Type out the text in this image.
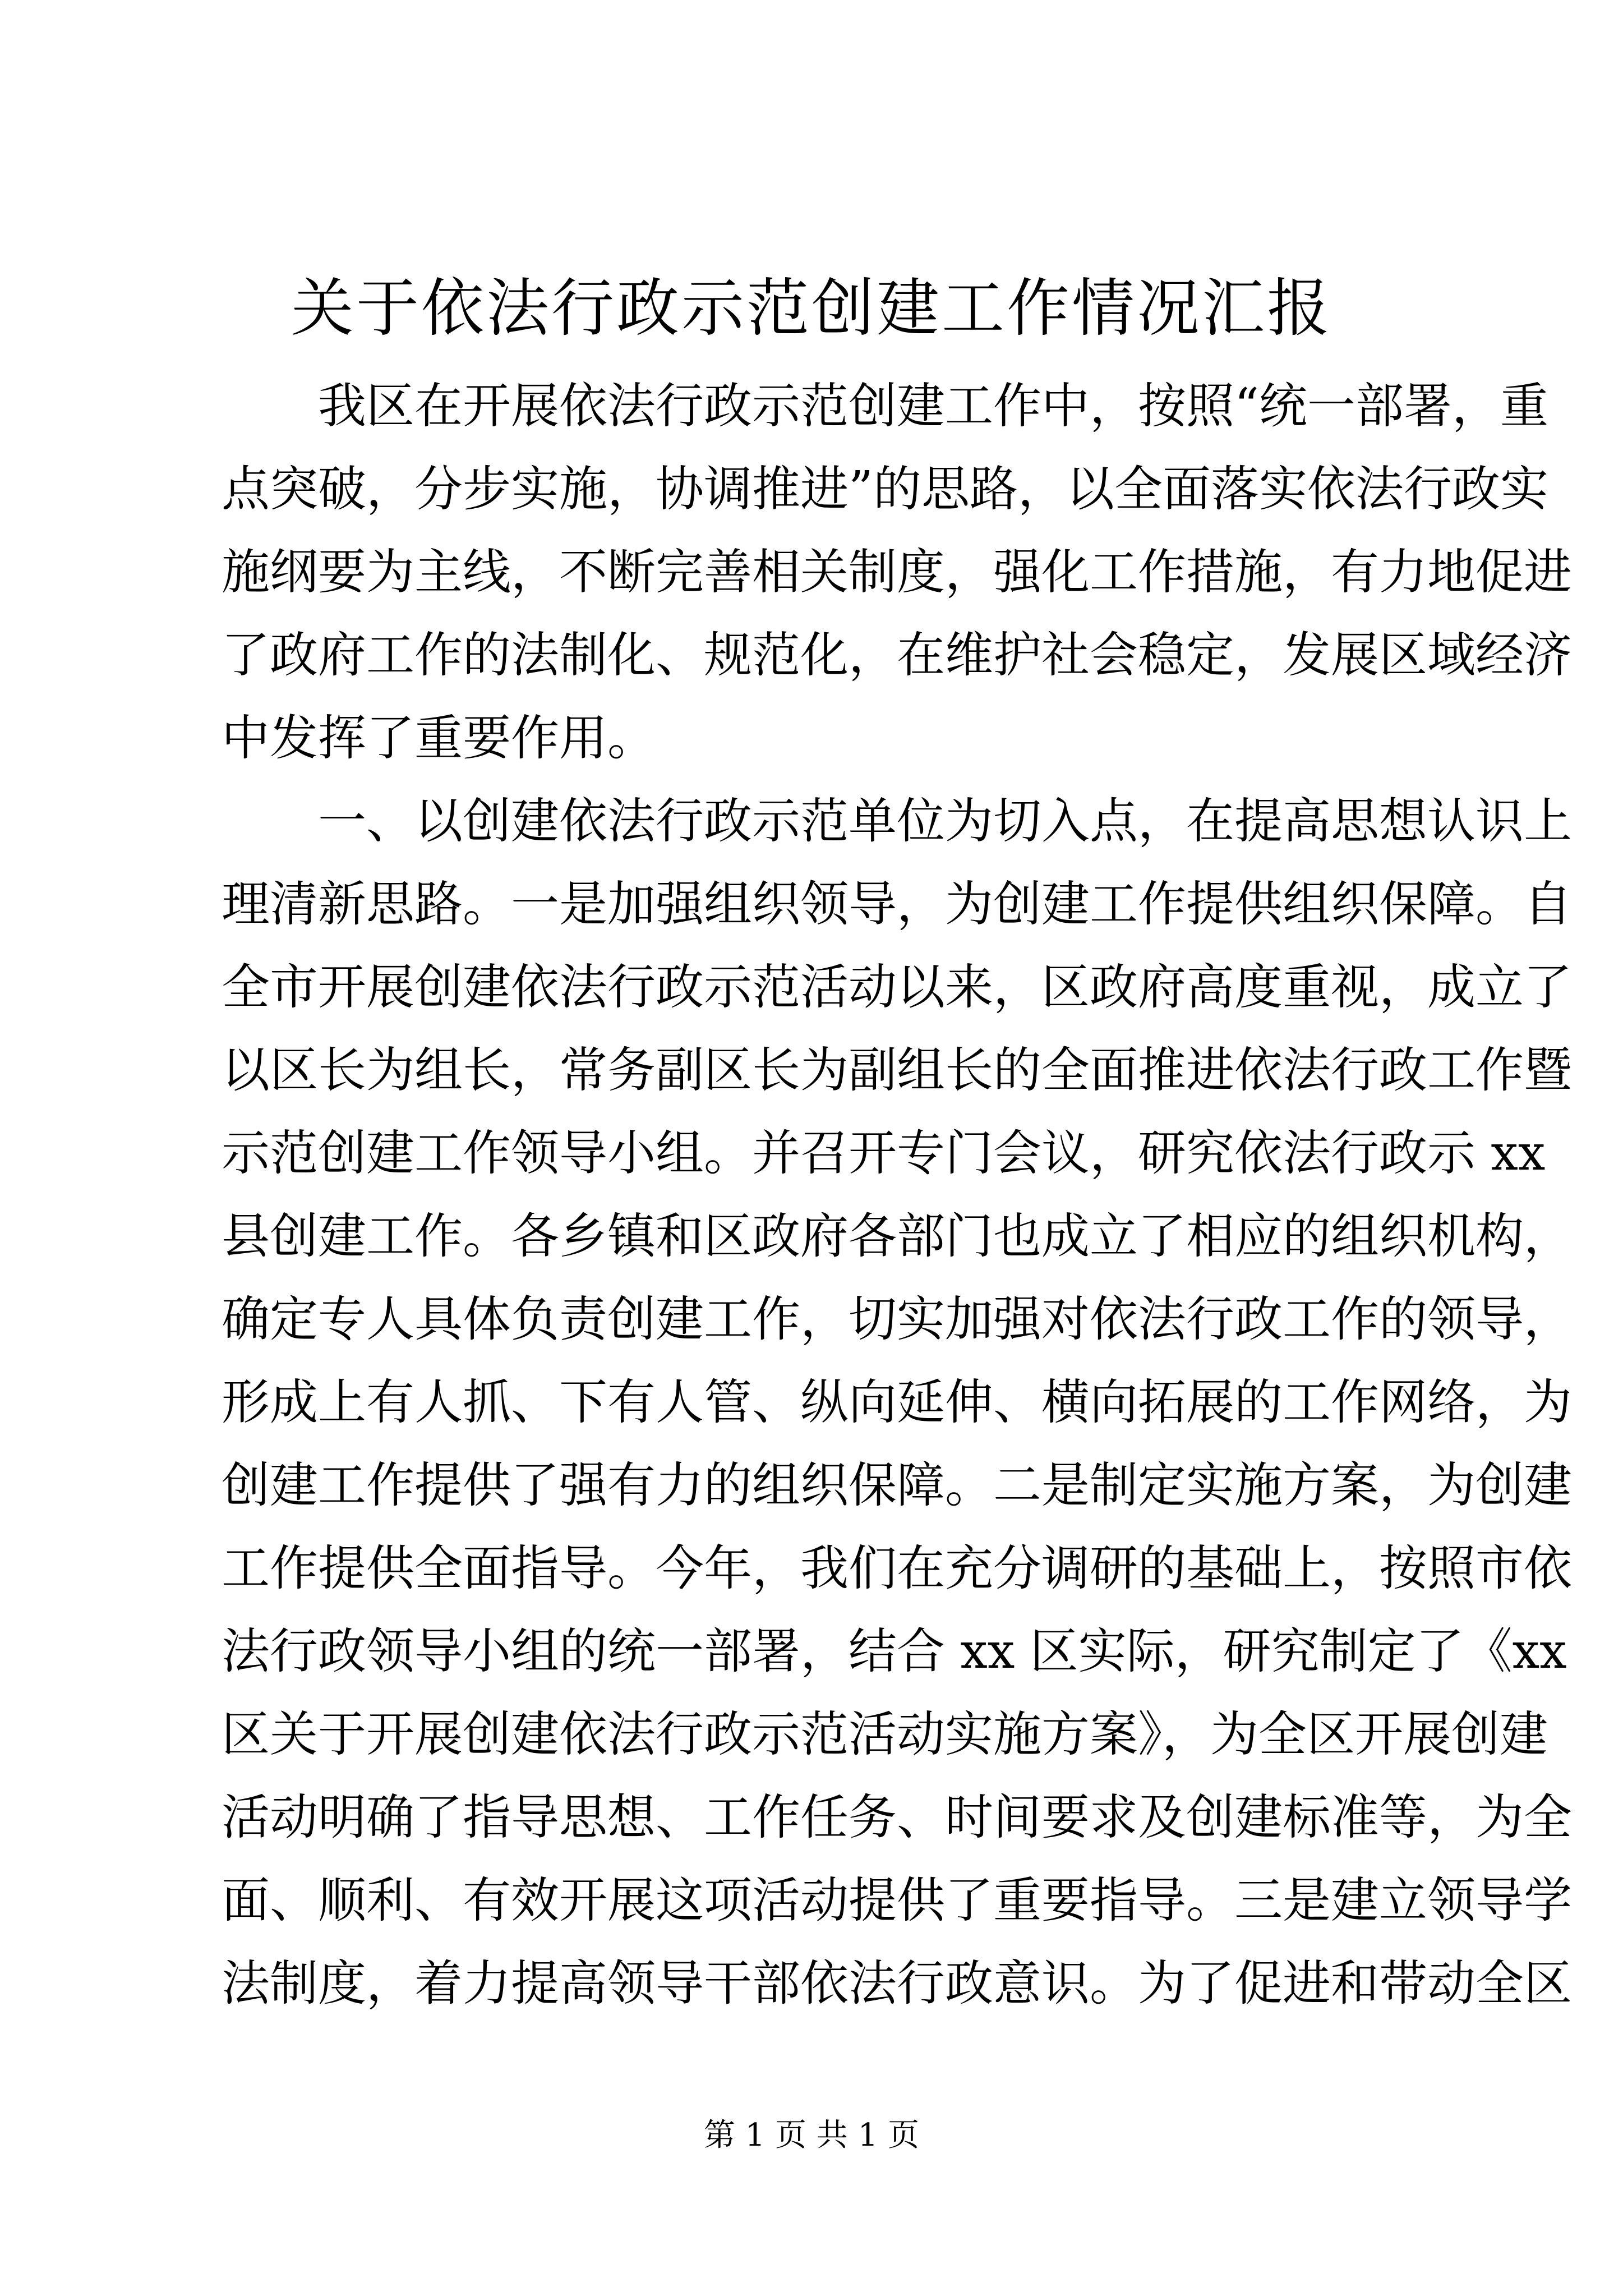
关于依法行政示范创建工作情况汇报
我区在开展依法行政示范创建工作中，按照“统一部署，重
点突破，分步实施，协调推进”的思路，以全面落实依法行政实
施纲要为主线，不断完善相关制度，强化工作措施，有力地促进
了政府工作的法制化、规范化，在维护社会稳定，发展区域经济
中发挥了重要作用。
一、以创建依法行政示范单位为切入点，在提高思想认识上
理清新思路。一是加强组织领导，为创建工作提供组织保障。自
全市开展创建依法行政示范活动以来，区政府高度重视，成立了
以区长为组长，常务副区长为副组长的全面推进依法行政工作暨
示范创建工作领导小组。并召开专门会议，研究依法行政示 xx
县创建工作。各乡镇和区政府各部门也成立了相应的组织机构，
确定专人具体负责创建工作，切实加强对依法行政工作的领导，
形成上有人抓、下有人管、纵向延伸、横向拓展的工作网络，为
创建工作提供了强有力的组织保障。二是制定实施方案，为创建
工作提供全面指导。今年，我们在充分调研的基础上，按照市依
法行政领导小组的统一部署，结合 xx 区实际，研究制定了《xx
区关于开展创建依法行政示范活动实施方案》，为全区开展创建
活动明确了指导思想、工作任务、时间要求及创建标准等，为全
面、顺利、有效开展这项活动提供了重要指导。三是建立领导学
法制度，着力提高领导干部依法行政意识。为了促进和带动全区
第 1 页 共 1 页
